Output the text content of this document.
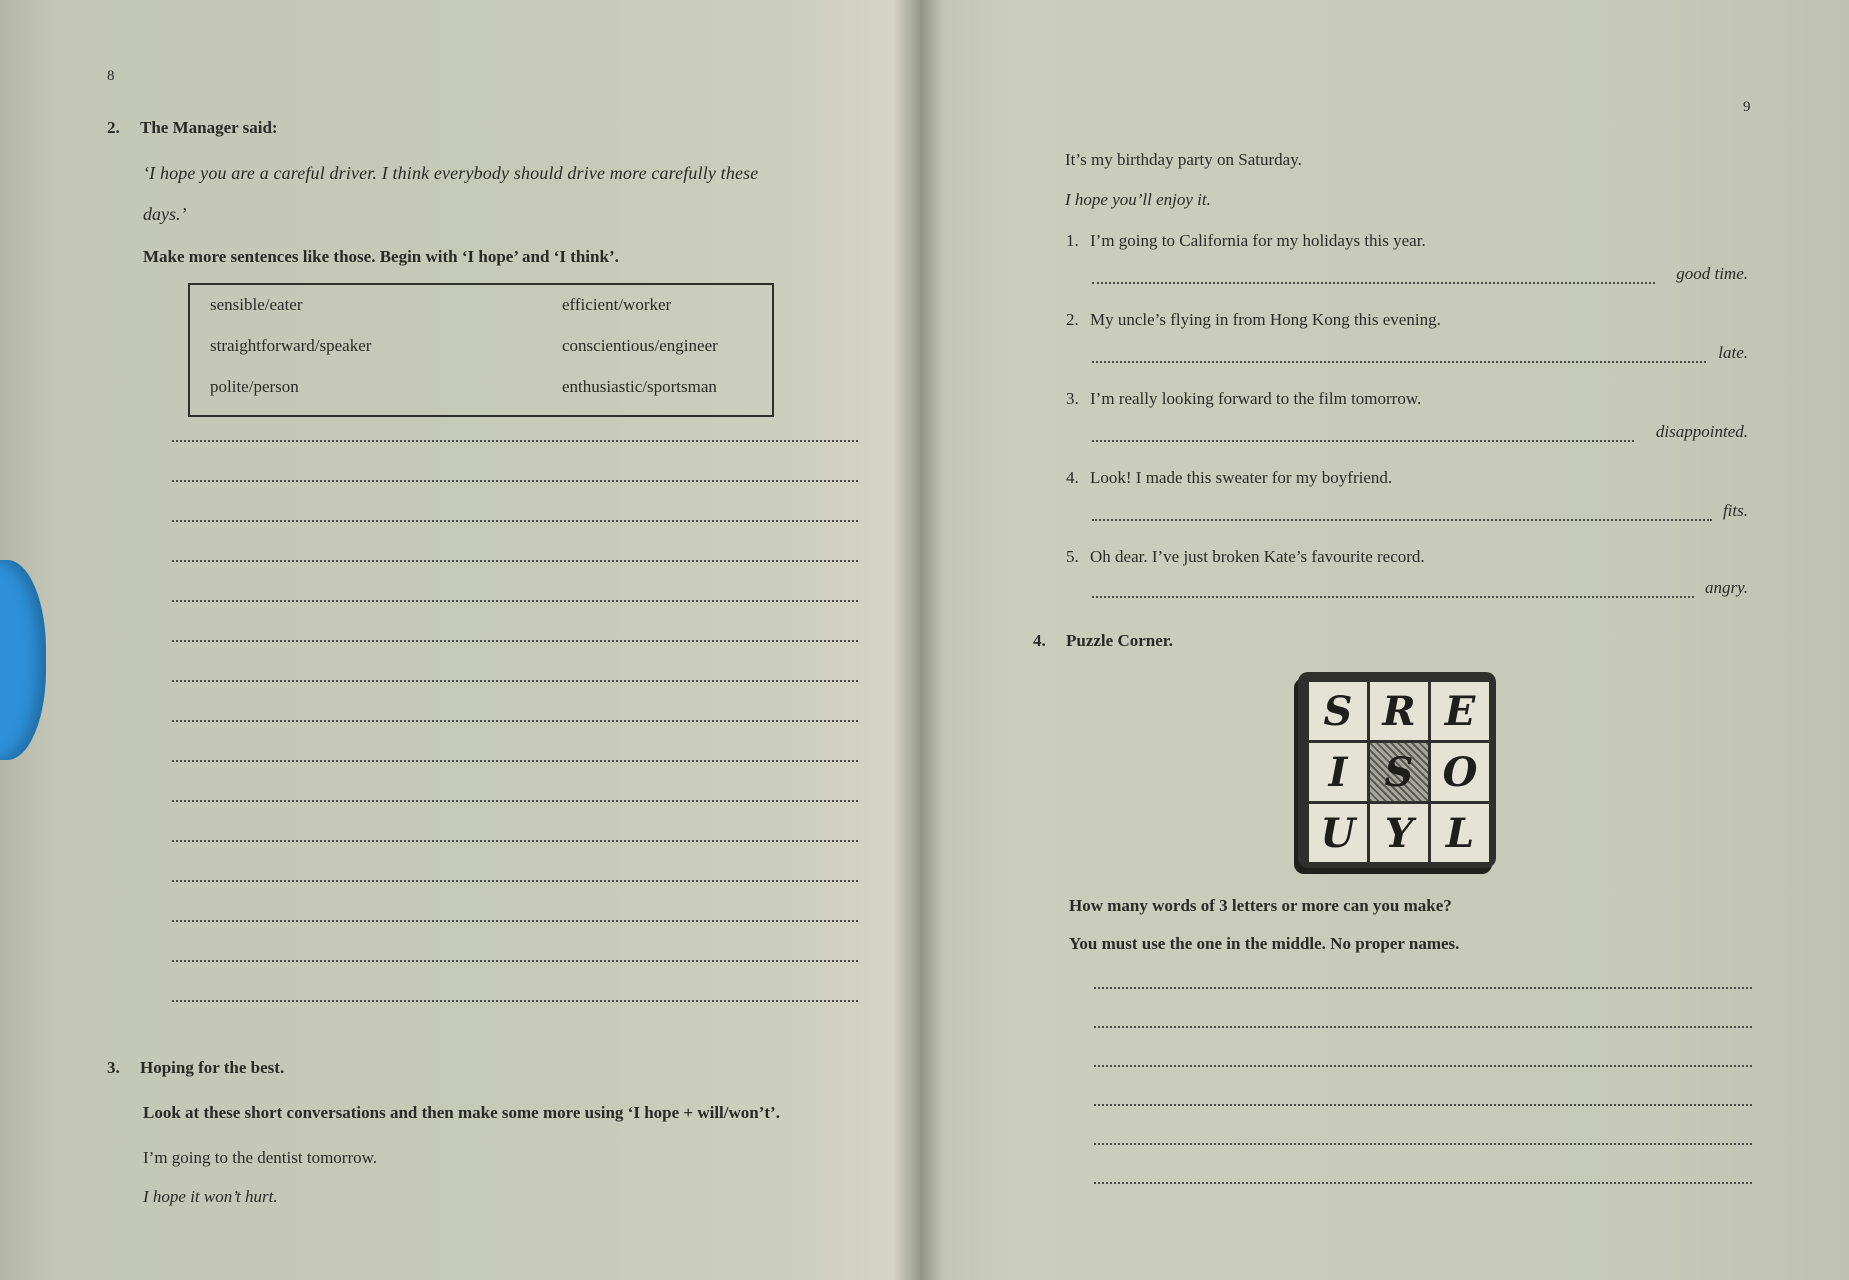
8
2. The Manager said:
‘I hope you are a careful driver. I think everybody should drive more carefully these
days.’
Make more sentences like those. Begin with ‘I hope’ and ‘I think’.
sensible/eater	efficient/worker
straightforward/speaker	conscientious/engineer
polite/person	enthusiastic/sportsman
3. Hoping for the best.
Look at these short conversations and then make some more using ‘I hope + will/won’t’.
I’m going to the dentist tomorrow.
I hope it won’t hurt.
9
It’s my birthday party on Saturday.
I hope you’ll enjoy it.
1. I’m going to California for my holidays this year.
good time.
2. My uncle’s flying in from Hong Kong this evening.
late.
3. I’m really looking forward to the film tomorrow.
disappointed.
4. Look! I made this sweater for my boyfriend.
fits.
5. Oh dear. I’ve just broken Kate’s favourite record.
angry.
4. Puzzle Corner.
S R E
I S O
U Y L
How many words of 3 letters or more can you make?
You must use the one in the middle. No proper names.
